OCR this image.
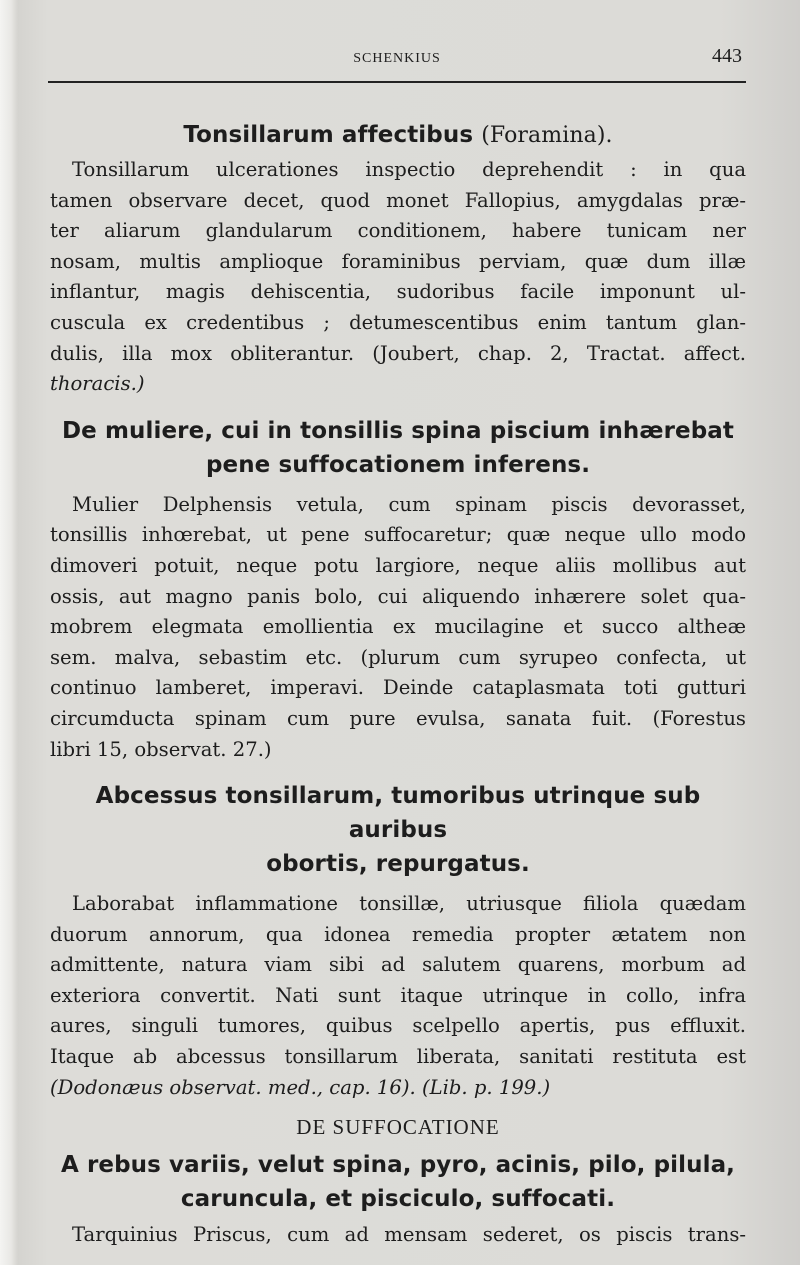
SCHENKIUS	443
Tonsillarum affectibus (Foramina).
Tonsillarum ulcerationes inspectio deprehendit : in qua
tamen observare decet, quod monet Fallopius, amygdalas præ-
ter aliarum glandularum conditionem, habere tunicam ner
nosam, multis amplioque foraminibus perviam, quæ dum illæ
inflantur, magis dehiscentia, sudoribus facile imponunt ul-
cuscula ex credentibus ; detumescentibus enim tantum glan-
dulis, illa mox obliterantur. (Joubert, chap. 2, Tractat. affect.
thoracis.)
De muliere, cui in tonsillis spina piscium inhærebat
pene suffocationem inferens.
Mulier Delphensis vetula, cum spinam piscis devorasset,
tonsillis inhœrebat, ut pene suffocaretur; quæ neque ullo modo
dimoveri potuit, neque potu largiore, neque aliis mollibus aut
ossis, aut magno panis bolo, cui aliquendo inhærere solet qua-
mobrem elegmata emollientia ex mucilagine et succo altheæ
sem. malva, sebastim etc. (plurum cum syrupeo confecta, ut
continuo lamberet, imperavi. Deinde cataplasmata toti gutturi
circumducta spinam cum pure evulsa, sanata fuit. (Forestus
libri 15, observat. 27.)
Abcessus tonsillarum, tumoribus utrinque sub auribus
obortis, repurgatus.
Laborabat inflammatione tonsillæ, utriusque filiola quædam
duorum annorum, qua idonea remedia propter ætatem non
admittente, natura viam sibi ad salutem quarens, morbum ad
exteriora convertit. Nati sunt itaque utrinque in collo, infra
aures, singuli tumores, quibus scelpello apertis, pus effluxit.
Itaque ab abcessus tonsillarum liberata, sanitati restituta est
(Dodonæus observat. med., cap. 16). (Lib. p. 199.)

DE SUFFOCATIONE

A rebus variis, velut spina, pyro, acinis, pilo, pilula,
caruncula, et pisciculo, suffocati.
Tarquinius Priscus, cum ad mensam sederet, os piscis trans-
